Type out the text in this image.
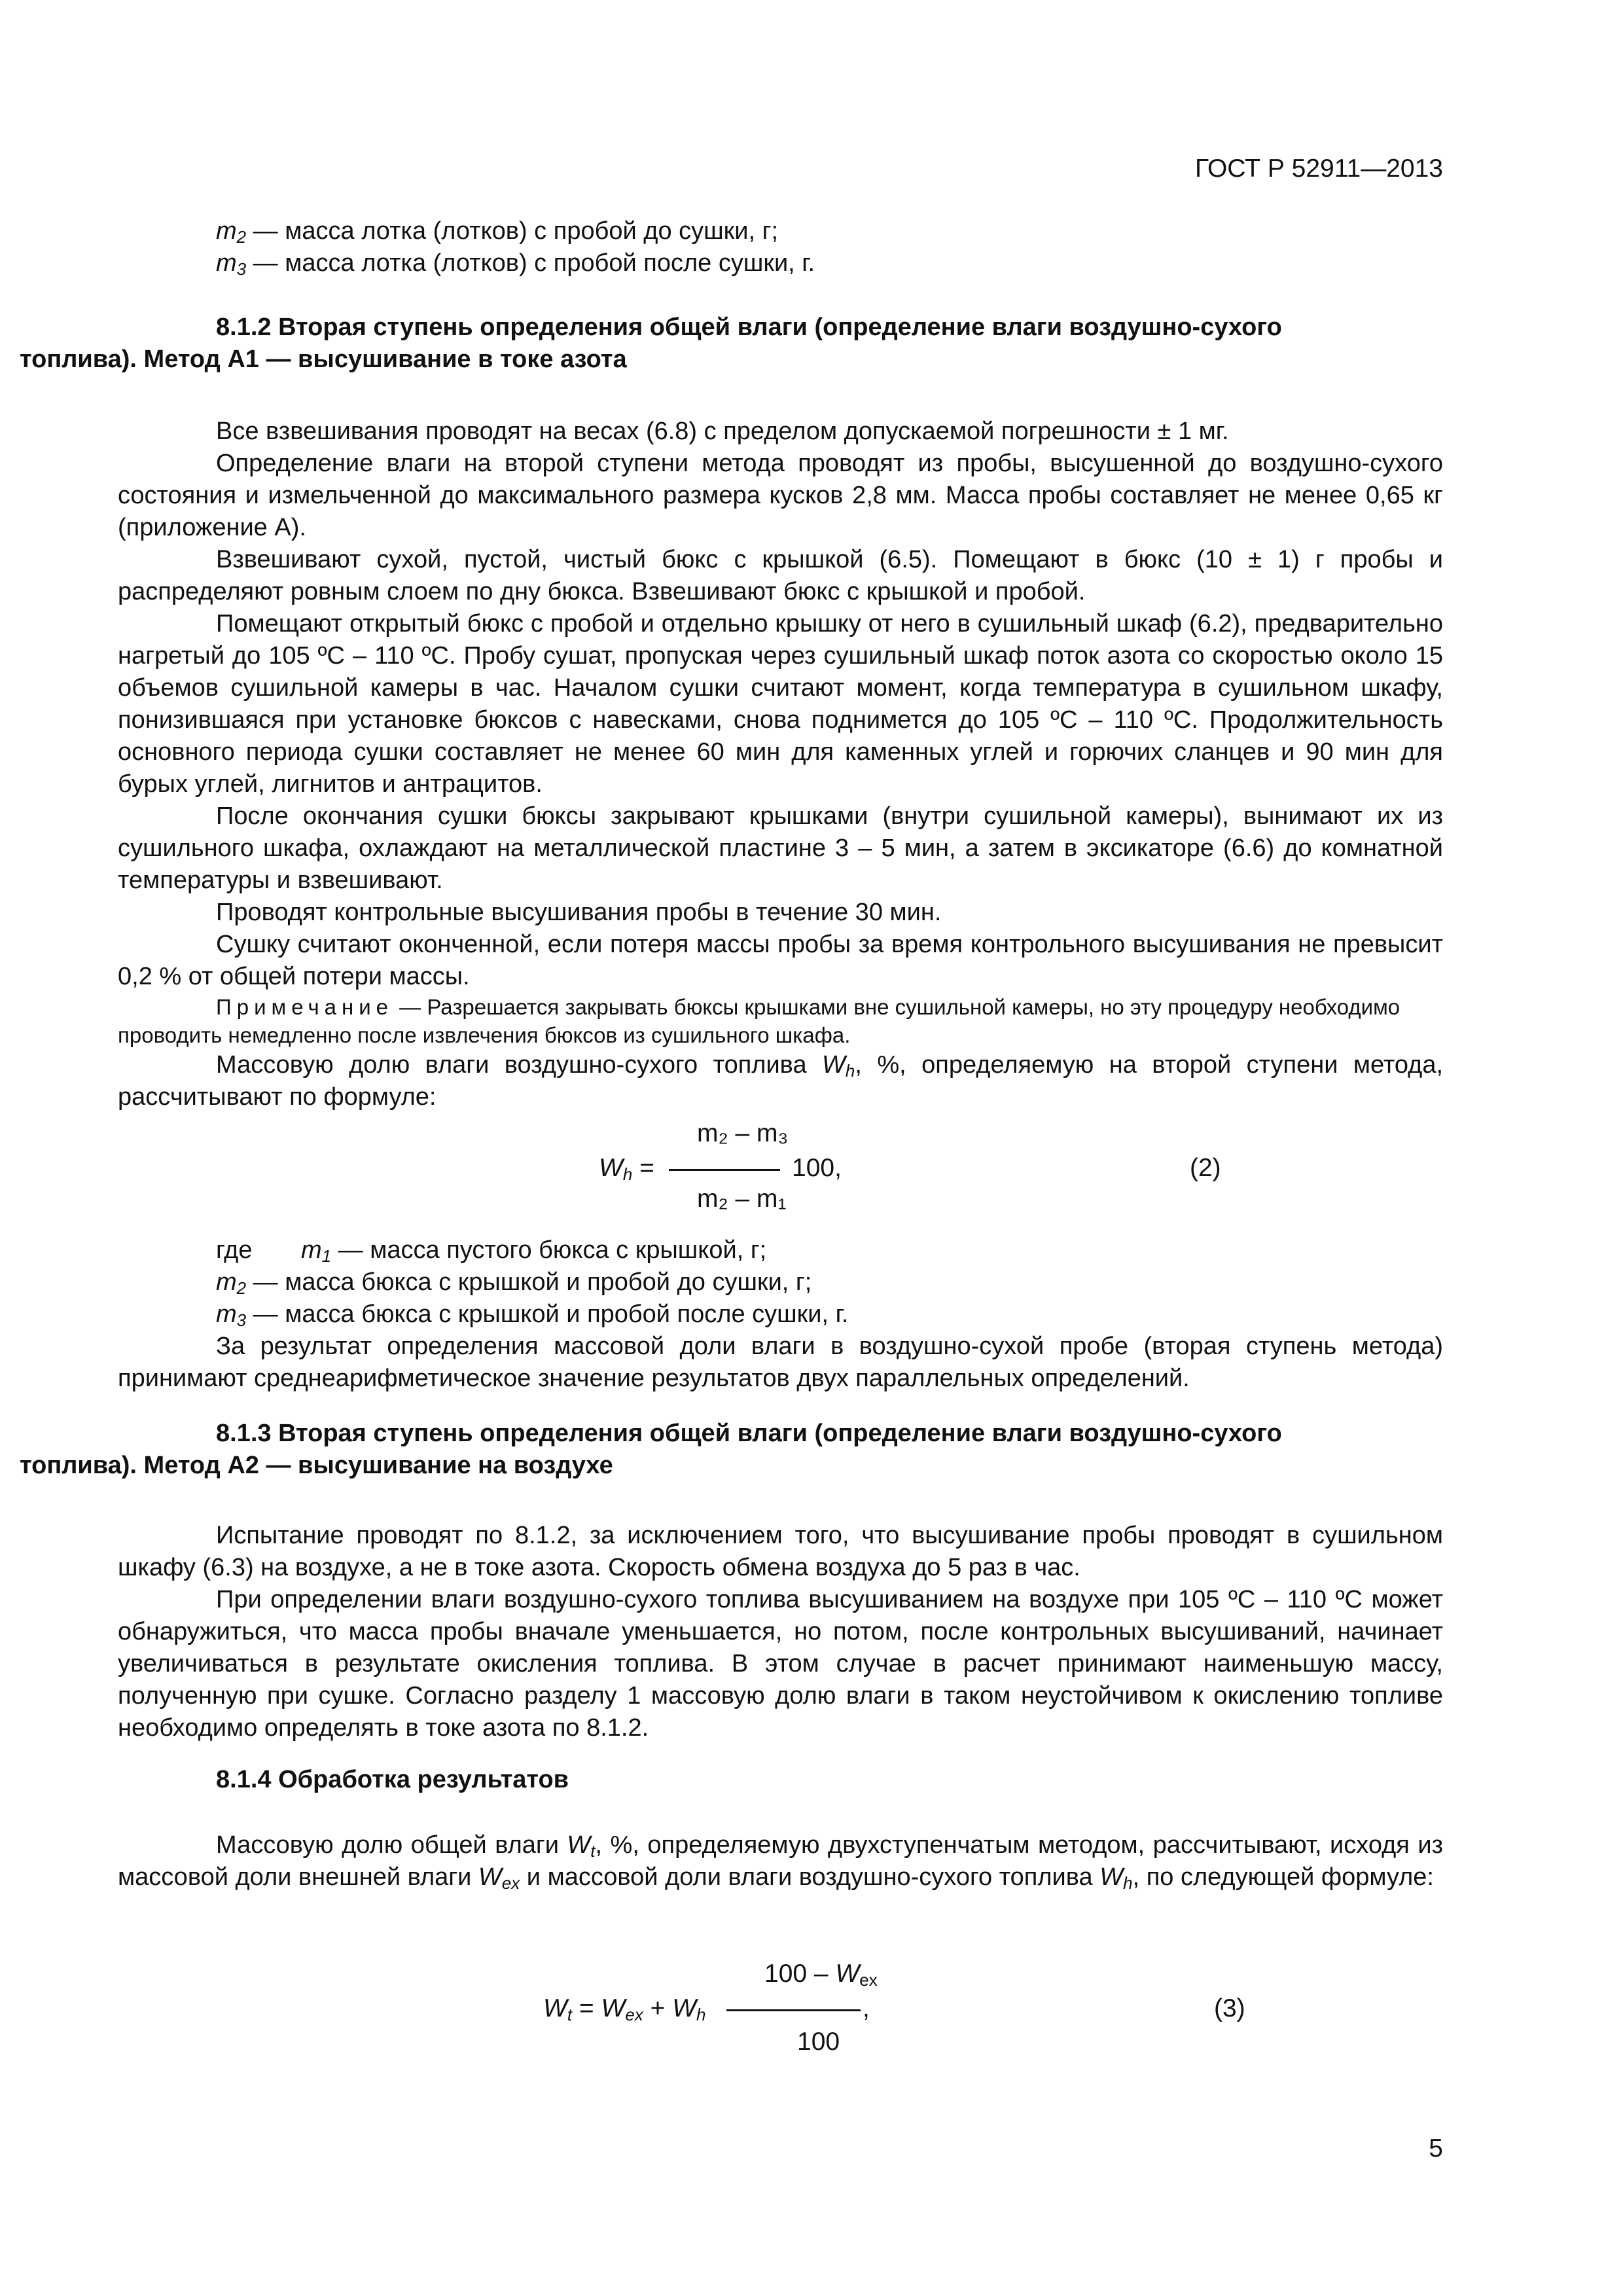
ГОСТ Р 52911—2013
$m_2$ — масса лотка (лотков) с пробой до сушки, г;
$m_3$ — масса лотка (лотков) с пробой после сушки, г.
8.1.2 Вторая ступень определения общей влаги (определение влаги воздушно-сухого
топлива). Метод А1 — высушивание в токе азота
Все взвешивания проводят на весах (6.8) с пределом допускаемой погрешности ± 1 мг.
Определение влаги на второй ступени метода проводят из пробы, высушенной до воздушно-сухого состояния и измельченной до максимального размера кусков 2,8 мм. Масса пробы составляет не менее 0,65 кг (приложение А).
Взвешивают сухой, пустой, чистый бюкс с крышкой (6.5). Помещают в бюкс (10 ± 1) г пробы и распределяют ровным слоем по дну бюкса. Взвешивают бюкс с крышкой и пробой.
Помещают открытый бюкс с пробой и отдельно крышку от него в сушильный шкаф (6.2), предварительно нагретый до 105 ºС – 110 ºС. Пробу сушат, пропуская через сушильный шкаф поток азота со скоростью около 15 объемов сушильной камеры в час. Началом сушки считают момент, когда температура в сушильном шкафу, понизившаяся при установке бюксов с навесками, снова поднимется до 105 ºС – 110 ºС. Продолжительность основного периода сушки составляет не менее 60 мин для каменных углей и горючих сланцев и 90 мин для бурых углей, лигнитов и антрацитов.
После окончания сушки бюксы закрывают крышками (внутри сушильной камеры), вынимают их из сушильного шкафа, охлаждают на металлической пластине 3 – 5 мин, а затем в эксикаторе (6.6) до комнатной температуры и взвешивают.
Проводят контрольные высушивания пробы в течение 30 мин.
Сушку считают оконченной, если потеря массы пробы за время контрольного высушивания не превысит 0,2 % от общей потери массы.
Примечание — Разрешается закрывать бюксы крышками вне сушильной камеры, но эту процедуру необходимо проводить немедленно после извлечения бюксов из сушильного шкафа.
Массовую долю влаги воздушно-сухого топлива $W_h$, %, определяемую на второй ступени метода, рассчитывают по формуле:
m₂ – m₃
$W_h$ =	100,
m₂ – m₁
(2)
где $m_1$ — масса пустого бюкса с крышкой, г;
$m_2$ — масса бюкса с крышкой и пробой до сушки, г;
$m_3$ — масса бюкса с крышкой и пробой после сушки, г.
За результат определения массовой доли влаги в воздушно-сухой пробе (вторая ступень метода) принимают среднеарифметическое значение результатов двух параллельных определений.
8.1.3 Вторая ступень определения общей влаги (определение влаги воздушно-сухого
топлива). Метод А2 — высушивание на воздухе
Испытание проводят по 8.1.2, за исключением того, что высушивание пробы проводят в сушильном шкафу (6.3) на воздухе, а не в токе азота. Скорость обмена воздуха до 5 раз в час.
При определении влаги воздушно-сухого топлива высушиванием на воздухе при 105 ºС – 110 ºС может обнаружиться, что масса пробы вначале уменьшается, но потом, после контрольных высушиваний, начинает увеличиваться в результате окисления топлива. В этом случае в расчет принимают наименьшую массу, полученную при сушке. Согласно разделу 1 массовую долю влаги в таком неустойчивом к окислению топливе необходимо определять в токе азота по 8.1.2.
8.1.4 Обработка результатов
Массовую долю общей влаги $W_t$, %, определяемую двухступенчатым методом, рассчитывают, исходя из массовой доли внешней влаги $W_{ex}$ и массовой доли влаги воздушно-сухого топлива $W_h$, по следующей формуле:
$100 - W_{ex}$
$W_t = W_{ex} + W_h$	,
100
(3)
5
